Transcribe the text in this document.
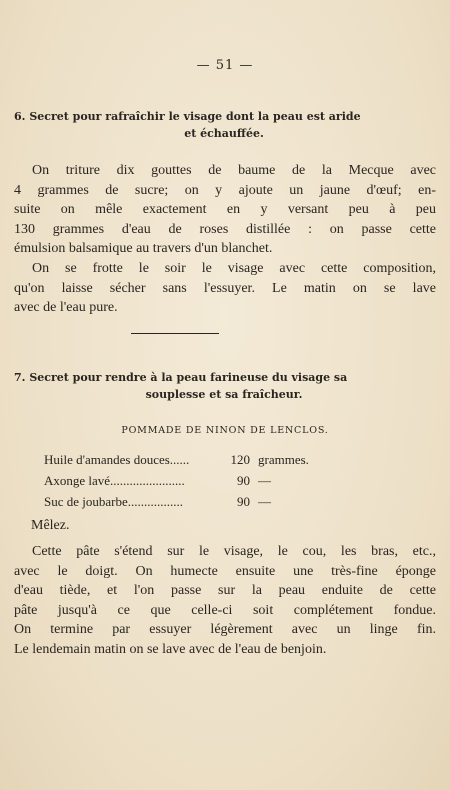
— 51 —
6. Secret pour rafraîchir le visage dont la peau est aride
et échauffée.
On triture dix gouttes de baume de la Mecque avec
4 grammes de sucre; on y ajoute un jaune d'œuf; en-
suite on mêle exactement en y versant peu à peu
130 grammes d'eau de roses distillée : on passe cette
émulsion balsamique au travers d'un blanchet.
On se frotte le soir le visage avec cette composition,
qu'on laisse sécher sans l'essuyer. Le matin on se lave
avec de l'eau pure.
7. Secret pour rendre à la peau farineuse du visage sa
souplesse et sa fraîcheur.
POMMADE DE NINON DE LENCLOS.
Huile d'amandes douces......	120 grammes.
Axonge lavé.......................	90 —
Suc de joubarbe.................	90 —
Mêlez.
Cette pâte s'étend sur le visage, le cou, les bras, etc.,
avec le doigt. On humecte ensuite une très-fine éponge
d'eau tiède, et l'on passe sur la peau enduite de cette
pâte jusqu'à ce que celle-ci soit complétement fondue.
On termine par essuyer légèrement avec un linge fin.
Le lendemain matin on se lave avec de l'eau de benjoin.
